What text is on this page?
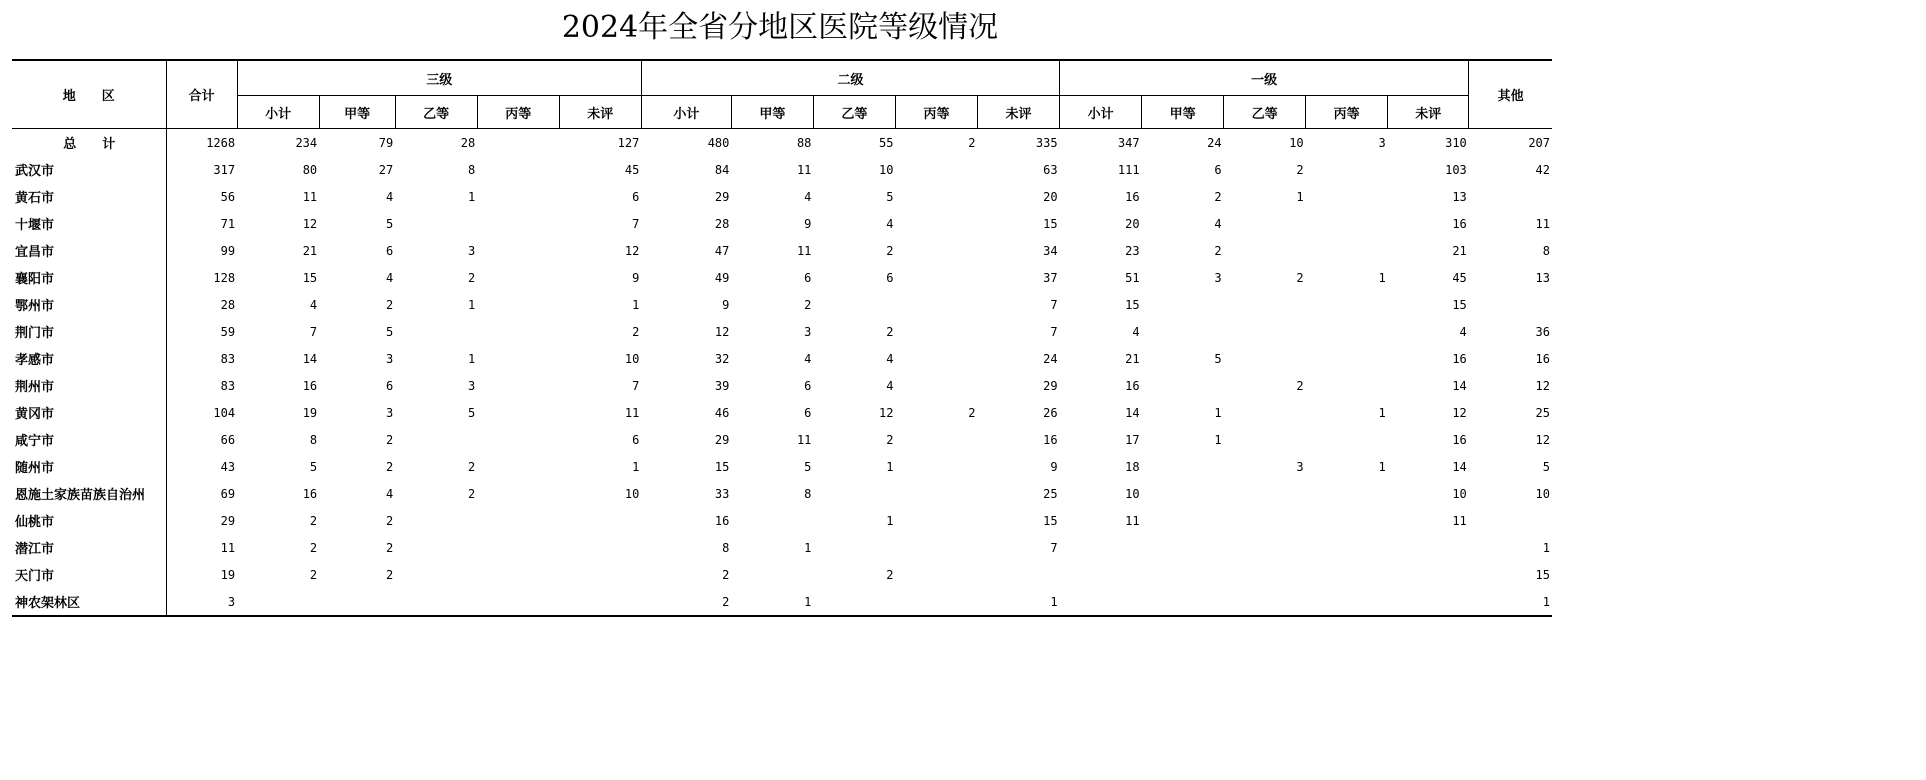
2024年全省分地区医院等级情况
地　　区	合计	三级					二级					一级					其他
		小计	甲等	乙等	丙等	未评	小计	甲等	乙等	丙等	未评	小计	甲等	乙等	丙等	未评	
总　　计	1268	234	79	28		127	480	88	55	2	335	347	24	10	3	310	207
武汉市	317	80	27	8		45	84	11	10		63	111	6	2		103	42
黄石市	56	11	4	1		6	29	4	5		20	16	2	1		13	
十堰市	71	12	5			7	28	9	4		15	20	4			16	11
宜昌市	99	21	6	3		12	47	11	2		34	23	2			21	8
襄阳市	128	15	4	2		9	49	6	6		37	51	3	2	1	45	13
鄂州市	28	4	2	1		1	9	2			7	15				15	
荆门市	59	7	5			2	12	3	2		7	4				4	36
孝感市	83	14	3	1		10	32	4	4		24	21	5			16	16
荆州市	83	16	6	3		7	39	6	4		29	16		2		14	12
黄冈市	104	19	3	5		11	46	6	12	2	26	14	1		1	12	25
咸宁市	66	8	2			6	29	11	2		16	17	1			16	12
随州市	43	5	2	2		1	15	5	1		9	18		3	1	14	5
恩施土家族苗族自治州	69	16	4	2		10	33	8			25	10				10	10
仙桃市	29	2	2				16		1		15	11				11	
潜江市	11	2	2				8	1			7						1
天门市	19	2	2				2		2								15
神农架林区	3						2	1			1						1
